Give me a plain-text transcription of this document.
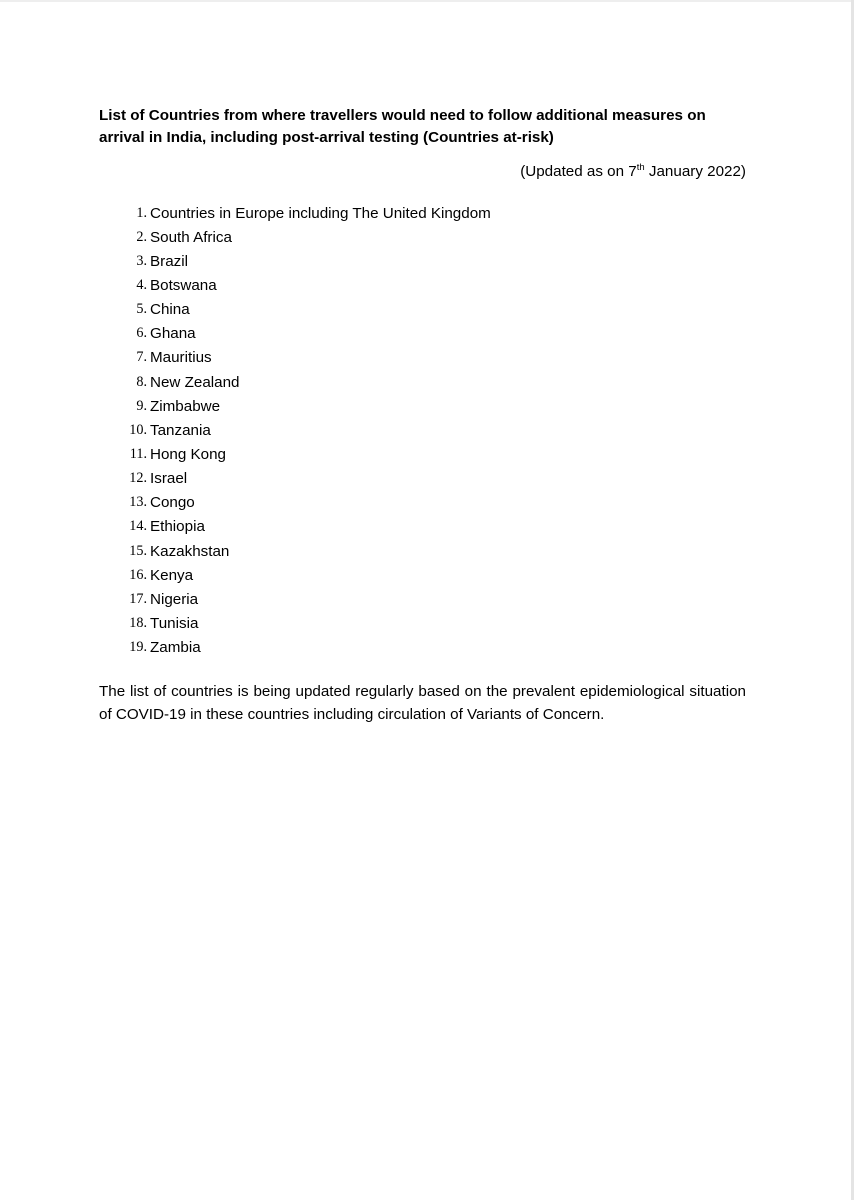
List of Countries from where travellers would need to follow additional measures on arrival in India, including post-arrival testing (Countries at-risk)

(Updated as on 7th January 2022)
1. Countries in Europe including The United Kingdom
2. South Africa
3. Brazil
4. Botswana
5. China
6. Ghana
7. Mauritius
8. New Zealand
9. Zimbabwe
10. Tanzania
11. Hong Kong
12. Israel
13. Congo
14. Ethiopia
15. Kazakhstan
16. Kenya
17. Nigeria
18. Tunisia
19. Zambia

The list of countries is being updated regularly based on the prevalent epidemiological situation of COVID-19 in these countries including circulation of Variants of Concern.
